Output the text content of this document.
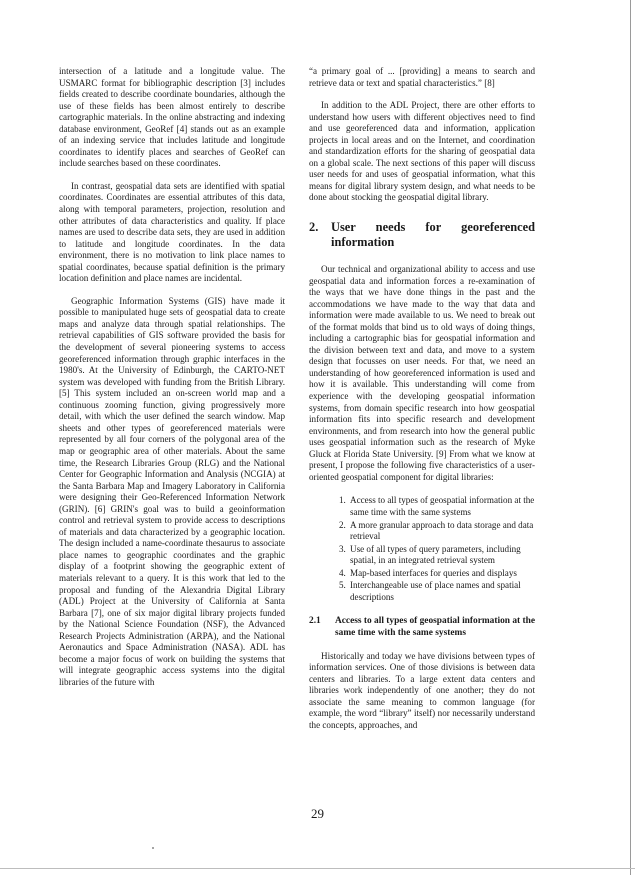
intersection of a latitude and a longitude value. The USMARC format for bibliographic description [3] includes fields created to describe coordinate boundaries, although the use of these fields has been almost entirely to describe cartographic materials. In the online abstracting and indexing database environment, GeoRef [4] stands out as an example of an indexing service that includes latitude and longitude coordinates to identify places and searches of GeoRef can include searches based on these coordinates.

In contrast, geospatial data sets are identified with spatial coordinates. Coordinates are essential attributes of this data, along with temporal parameters, projection, resolution and other attributes of data characteristics and quality. If place names are used to describe data sets, they are used in addition to latitude and longitude coordinates. In the data environment, there is no motivation to link place names to spatial coordinates, because spatial definition is the primary location definition and place names are incidental.

Geographic Information Systems (GIS) have made it possible to manipulated huge sets of geospatial data to create maps and analyze data through spatial relationships. The retrieval capabilities of GIS software provided the basis for the development of several pioneering systems to access georeferenced information through graphic interfaces in the 1980's. At the University of Edinburgh, the CARTO-NET system was developed with funding from the British Library. [5] This system included an on-screen world map and a continuous zooming function, giving progressively more detail, with which the user defined the search window. Map sheets and other types of georeferenced materials were represented by all four corners of the polygonal area of the map or geographic area of other materials. About the same time, the Research Libraries Group (RLG) and the National Center for Geographic Information and Analysis (NCGIA) at the Santa Barbara Map and Imagery Laboratory in California were designing their Geo-Referenced Information Network (GRIN). [6] GRIN's goal was to build a geoinformation control and retrieval system to provide access to descriptions of materials and data characterized by a geographic location. The design included a name-coordinate thesaurus to associate place names to geographic coordinates and the graphic display of a footprint showing the geographic extent of materials relevant to a query. It is this work that led to the proposal and funding of the Alexandria Digital Library (ADL) Project at the University of California at Santa Barbara [7], one of six major digital library projects funded by the National Science Foundation (NSF), the Advanced Research Projects Administration (ARPA), and the National Aeronautics and Space Administration (NASA). ADL has become a major focus of work on building the systems that will integrate geographic access systems into the digital libraries of the future with

“a primary goal of ... [providing] a means to search and retrieve data or text and spatial characteristics.” [8]

In addition to the ADL Project, there are other efforts to understand how users with different objectives need to find and use georeferenced data and information, application projects in local areas and on the Internet, and coordination and standardization efforts for the sharing of geospatial data on a global scale. The next sections of this paper will discuss user needs for and uses of geospatial information, what this means for digital library system design, and what needs to be done about stocking the geospatial digital library.

2.	User needs for georeferenced information

Our technical and organizational ability to access and use geospatial data and information forces a re-examination of the ways that we have done things in the past and the accommodations we have made to the way that data and information were made available to us. We need to break out of the format molds that bind us to old ways of doing things, including a cartographic bias for geospatial information and the division between text and data, and move to a system design that focusses on user needs. For that, we need an understanding of how georeferenced information is used and how it is available. This understanding will come from experience with the developing geospatial information systems, from domain specific research into how geospatial information fits into specific research and development environments, and from research into how the general public uses geospatial information such as the research of Myke Gluck at Florida State University. [9] From what we know at present, I propose the following five characteristics of a user-oriented geospatial component for digital libraries:

1. Access to all types of geospatial information at the same time with the same systems
2. A more granular approach to data storage and data retrieval
3. Use of all types of query parameters, including spatial, in an integrated retrieval system
4. Map-based interfaces for queries and displays
5. Interchangeable use of place names and spatial descriptions
2.1	Access to all types of geospatial information at the same time with the same systems

Historically and today we have divisions between types of information services. One of those divisions is between data centers and libraries. To a large extent data centers and libraries work independently of one another; they do not associate the same meaning to common language (for example, the word “library” itself) nor necessarily understand the concepts, approaches, and

29
